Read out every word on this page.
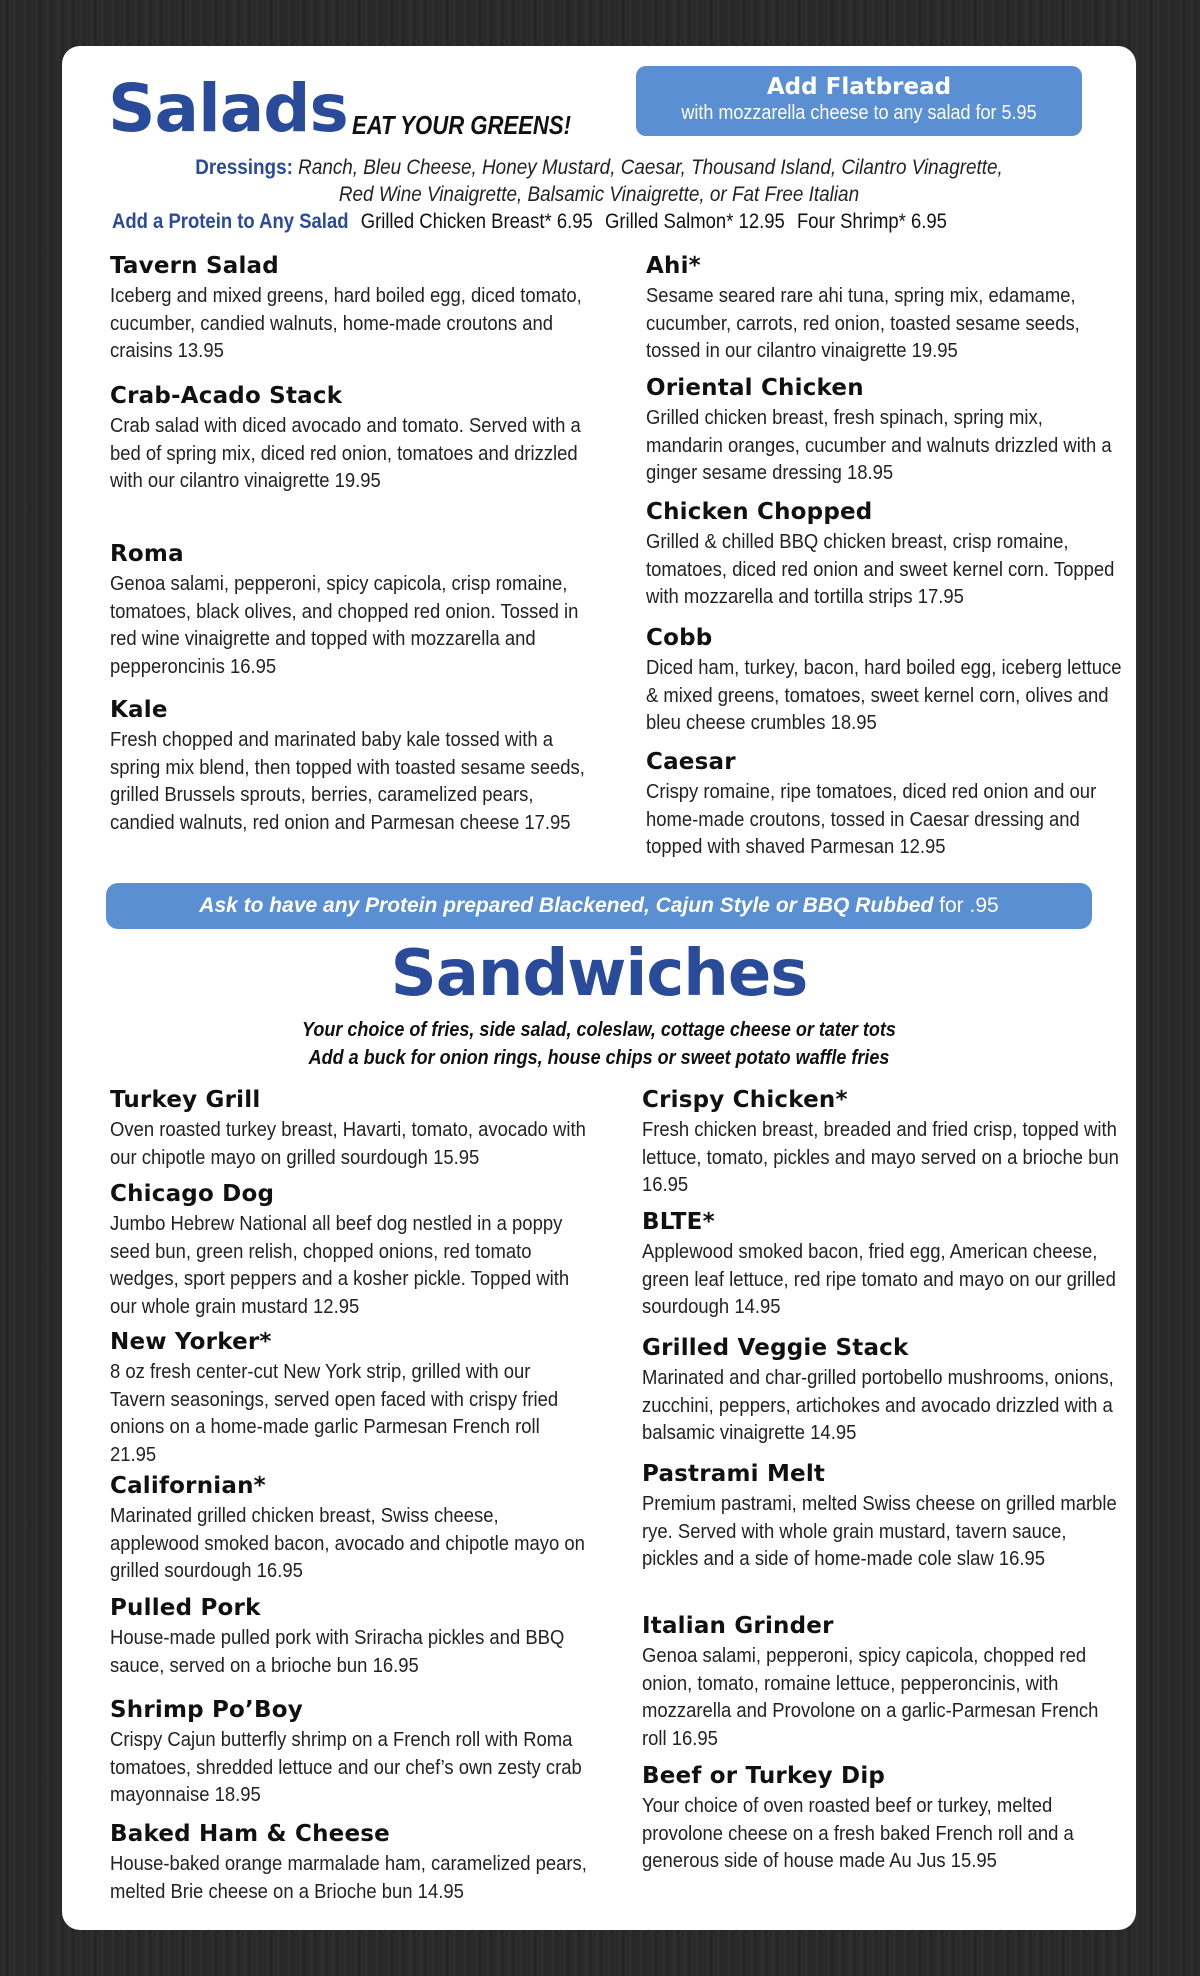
Salads EAT YOUR GREENS!
Add Flatbread
with mozzarella cheese to any salad for 5.95
Dressings: Ranch, Bleu Cheese, Honey Mustard, Caesar, Thousand Island, Cilantro Vinagrette,
Red Wine Vinaigrette, Balsamic Vinaigrette, or Fat Free Italian
Add a Protein to Any Salad Grilled Chicken Breast* 6.95 Grilled Salmon* 12.95 Four Shrimp* 6.95
Tavern Salad

Iceberg and mixed greens, hard boiled egg, diced tomato, cucumber, candied walnuts, home-made croutons and craisins 13.95

Crab-Acado Stack

Crab salad with diced avocado and tomato. Served with a bed of spring mix, diced red onion, tomatoes and drizzled with our cilantro vinaigrette 19.95

Roma

Genoa salami, pepperoni, spicy capicola, crisp romaine, tomatoes, black olives, and chopped red onion. Tossed in red wine vinaigrette and topped with mozzarella and pepperoncinis 16.95

Kale

Fresh chopped and marinated baby kale tossed with a spring mix blend, then topped with toasted sesame seeds, grilled Brussels sprouts, berries, caramelized pears, candied walnuts, red onion and Parmesan cheese 17.95

Ahi*

Sesame seared rare ahi tuna, spring mix, edamame, cucumber, carrots, red onion, toasted sesame seeds, tossed in our cilantro vinaigrette 19.95

Oriental Chicken

Grilled chicken breast, fresh spinach, spring mix, mandarin oranges, cucumber and walnuts drizzled with a ginger sesame dressing 18.95

Chicken Chopped

Grilled & chilled BBQ chicken breast, crisp romaine, tomatoes, diced red onion and sweet kernel corn. Topped with mozzarella and tortilla strips 17.95

Cobb

Diced ham, turkey, bacon, hard boiled egg, iceberg lettuce & mixed greens, tomatoes, sweet kernel corn, olives and bleu cheese crumbles 18.95

Caesar

Crispy romaine, ripe tomatoes, diced red onion and our home-made croutons, tossed in Caesar dressing and topped with shaved Parmesan 12.95

Ask to have any Protein prepared Blackened, Cajun Style or BBQ Rubbed for .95
Sandwiches
Your choice of fries, side salad, coleslaw, cottage cheese or tater tots
Add a buck for onion rings, house chips or sweet potato waffle fries
Turkey Grill

Oven roasted turkey breast, Havarti, tomato, avocado with our chipotle mayo on grilled sourdough 15.95

Chicago Dog

Jumbo Hebrew National all beef dog nestled in a poppy seed bun, green relish, chopped onions, red tomato wedges, sport peppers and a kosher pickle. Topped with our whole grain mustard 12.95

New Yorker*

8 oz fresh center-cut New York strip, grilled with our Tavern seasonings, served open faced with crispy fried onions on a home-made garlic Parmesan French roll 21.95

Californian*

Marinated grilled chicken breast, Swiss cheese, applewood smoked bacon, avocado and chipotle mayo on grilled sourdough 16.95

Pulled Pork

House-made pulled pork with Sriracha pickles and BBQ sauce, served on a brioche bun 16.95

Shrimp Po’Boy

Crispy Cajun butterfly shrimp on a French roll with Roma tomatoes, shredded lettuce and our chef’s own zesty crab mayonnaise 18.95

Baked Ham & Cheese

House-baked orange marmalade ham, caramelized pears, melted Brie cheese on a Brioche bun 14.95

Crispy Chicken*

Fresh chicken breast, breaded and fried crisp, topped with lettuce, tomato, pickles and mayo served on a brioche bun 16.95

BLTE*

Applewood smoked bacon, fried egg, American cheese, green leaf lettuce, red ripe tomato and mayo on our grilled sourdough 14.95

Grilled Veggie Stack

Marinated and char-grilled portobello mushrooms, onions, zucchini, peppers, artichokes and avocado drizzled with a balsamic vinaigrette 14.95

Pastrami Melt

Premium pastrami, melted Swiss cheese on grilled marble rye. Served with whole grain mustard, tavern sauce, pickles and a side of home-made cole slaw 16.95

Italian Grinder

Genoa salami, pepperoni, spicy capicola, chopped red onion, tomato, romaine lettuce, pepperoncinis, with mozzarella and Provolone on a garlic-Parmesan French roll 16.95

Beef or Turkey Dip

Your choice of oven roasted beef or turkey, melted provolone cheese on a fresh baked French roll and a generous side of house made Au Jus 15.95
